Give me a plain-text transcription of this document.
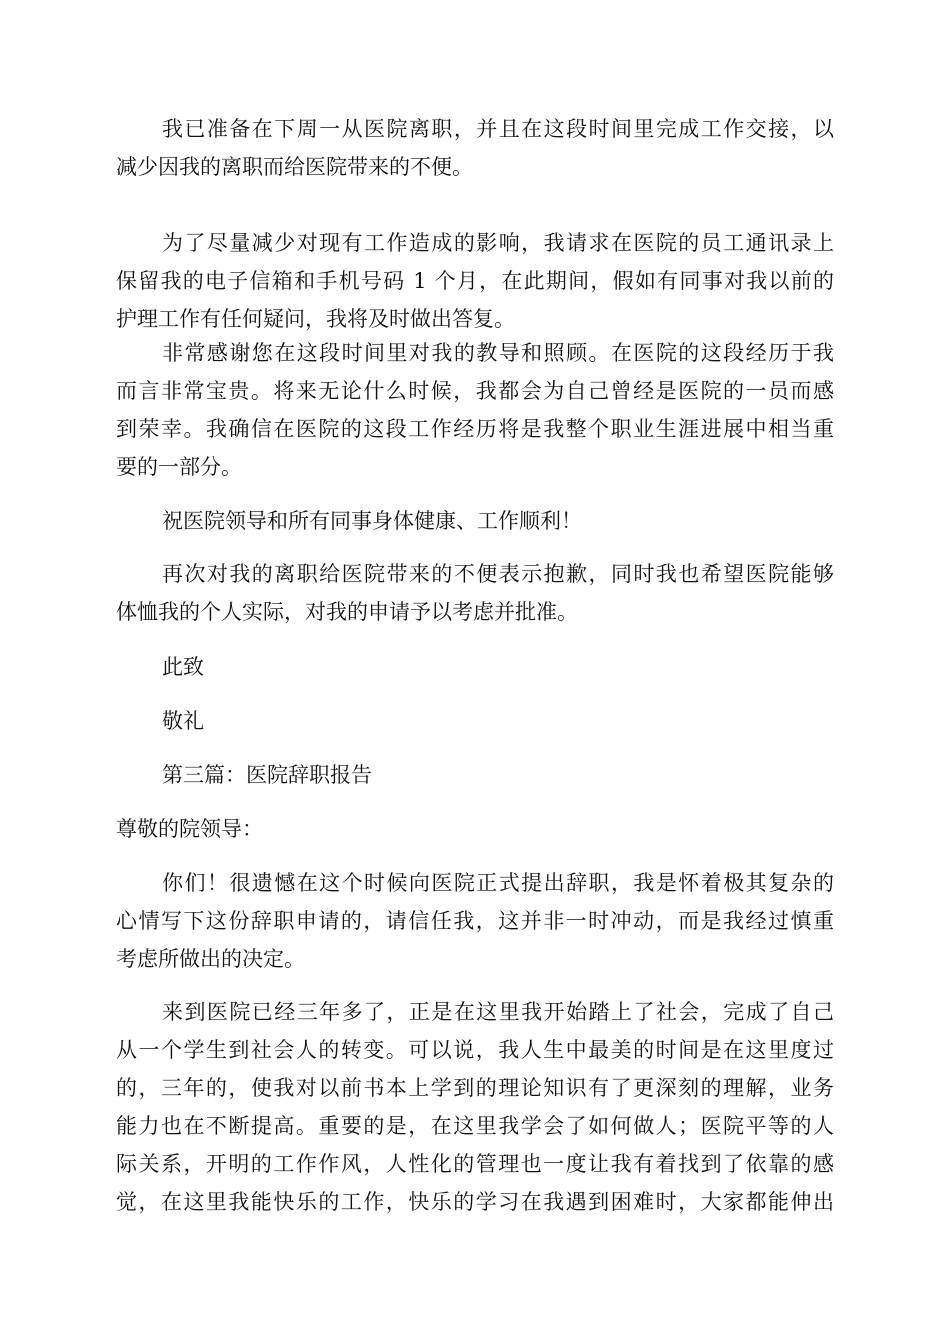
我已准备在下周一从医院离职，并且在这段时间里完成工作交接，以
减少因我的离职而给医院带来的不便。
为了尽量减少对现有工作造成的影响，我请求在医院的员工通讯录上
保留我的电子信箱和手机号码 1 个月，在此期间，假如有同事对我以前的
护理工作有任何疑问，我将及时做出答复。
非常感谢您在这段时间里对我的教导和照顾。在医院的这段经历于我
而言非常宝贵。将来无论什么时候，我都会为自己曾经是医院的一员而感
到荣幸。我确信在医院的这段工作经历将是我整个职业生涯进展中相当重
要的一部分。
祝医院领导和所有同事身体健康、工作顺利！
再次对我的离职给医院带来的不便表示抱歉，同时我也希望医院能够
体恤我的个人实际，对我的申请予以考虑并批准。
此致
敬礼
第三篇：医院辞职报告
尊敬的院领导：
你们！很遗憾在这个时候向医院正式提出辞职，我是怀着极其复杂的
心情写下这份辞职申请的，请信任我，这并非一时冲动，而是我经过慎重
考虑所做出的决定。
来到医院已经三年多了，正是在这里我开始踏上了社会，完成了自己
从一个学生到社会人的转变。可以说，我人生中最美的时间是在这里度过
的，三年的，使我对以前书本上学到的理论知识有了更深刻的理解，业务
能力也在不断提高。重要的是，在这里我学会了如何做人；医院平等的人
际关系，开明的工作作风，人性化的管理也一度让我有着找到了依靠的感
觉，在这里我能快乐的工作，快乐的学习在我遇到困难时，大家都能伸出
